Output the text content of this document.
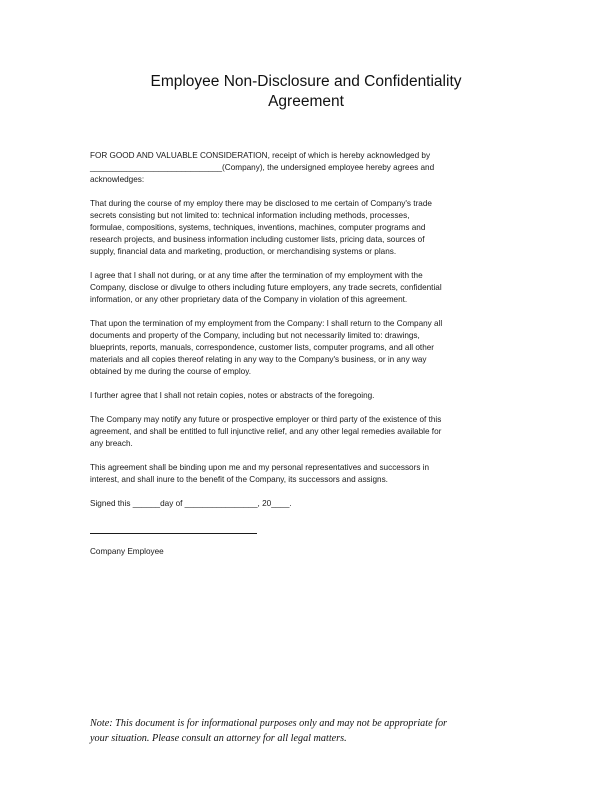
Employee Non-Disclosure and Confidentiality
Agreement
FOR GOOD AND VALUABLE CONSIDERATION, receipt of which is hereby acknowledged by
_____________________________(Company), the undersigned employee hereby agrees and
acknowledges:
That during the course of my employ there may be disclosed to me certain of Company's trade
secrets consisting but not limited to: technical information including methods, processes,
formulae, compositions, systems, techniques, inventions, machines, computer programs and
research projects, and business information including customer lists, pricing data, sources of
supply, financial data and marketing, production, or merchandising systems or plans.
I agree that I shall not during, or at any time after the termination of my employment with the
Company, disclose or divulge to others including future employers, any trade secrets, confidential
information, or any other proprietary data of the Company in violation of this agreement.
That upon the termination of my employment from the Company: I shall return to the Company all
documents and property of the Company, including but not necessarily limited to: drawings,
blueprints, reports, manuals, correspondence, customer lists, computer programs, and all other
materials and all copies thereof relating in any way to the Company's business, or in any way
obtained by me during the course of employ.
I further agree that I shall not retain copies, notes or abstracts of the foregoing.
The Company may notify any future or prospective employer or third party of the existence of this
agreement, and shall be entitled to full injunctive relief, and any other legal remedies available for
any breach.
This agreement shall be binding upon me and my personal representatives and successors in
interest, and shall inure to the benefit of the Company, its successors and assigns.
Signed this ______day of ________________, 20____.
Company Employee
Note: This document is for informational purposes only and may not be appropriate for
your situation. Please consult an attorney for all legal matters.
